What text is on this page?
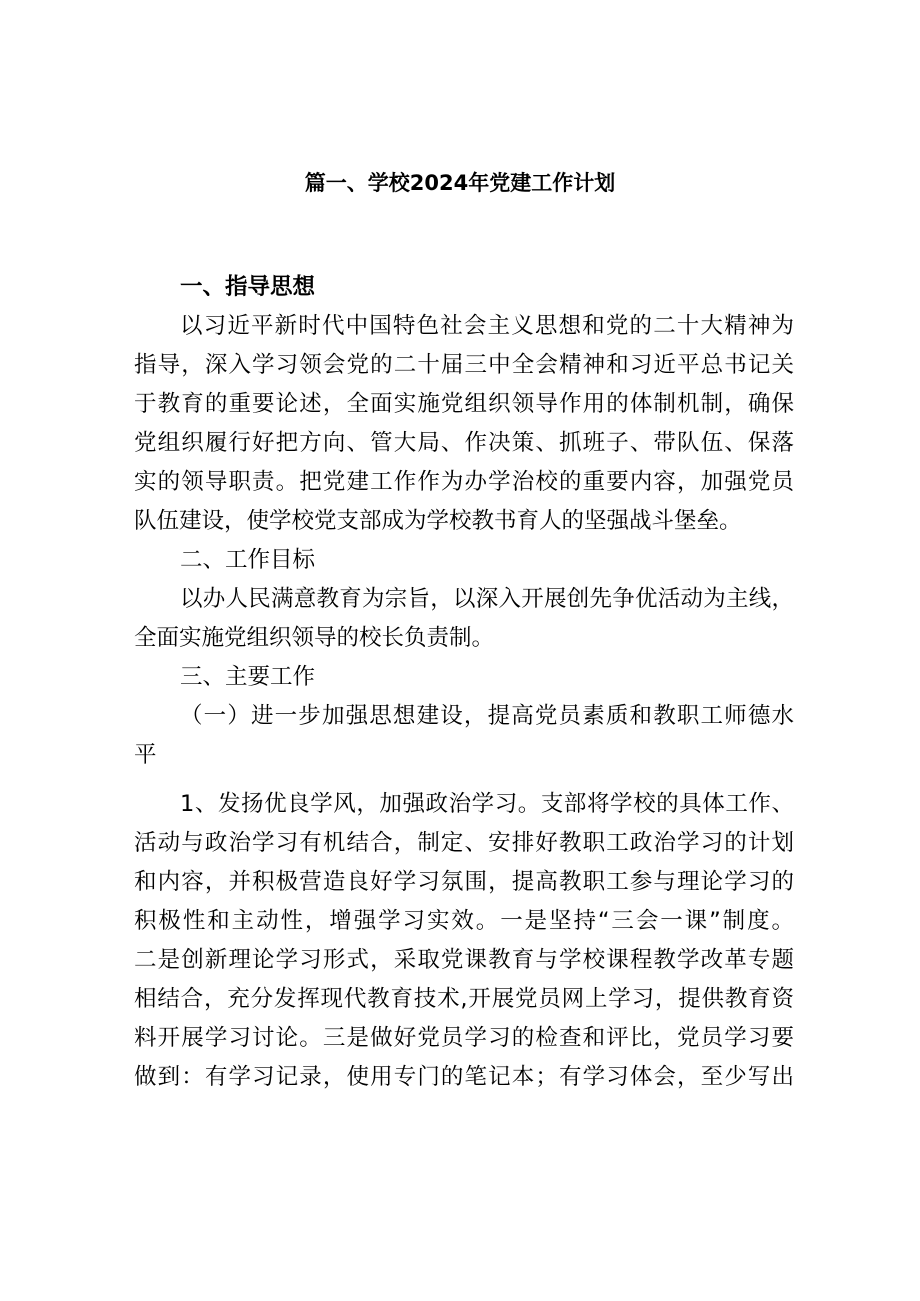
篇一、学校2024年党建工作计划
一、指导思想
以习近平新时代中国特色社会主义思想和党的二十大精神为
指导，深入学习领会党的二十届三中全会精神和习近平总书记关
于教育的重要论述，全面实施党组织领导作用的体制机制，确保
党组织履行好把方向、管大局、作决策、抓班子、带队伍、保落
实的领导职责。把党建工作作为办学治校的重要内容，加强党员
队伍建设，使学校党支部成为学校教书育人的坚强战斗堡垒。
二、工作目标
以办人民满意教育为宗旨，以深入开展创先争优活动为主线，
全面实施党组织领导的校长负责制。
三、主要工作
（一）进一步加强思想建设，提高党员素质和教职工师德水
平
1、发扬优良学风，加强政治学习。支部将学校的具体工作、
活动与政治学习有机结合，制定、安排好教职工政治学习的计划
和内容，并积极营造良好学习氛围，提高教职工参与理论学习的
积极性和主动性，增强学习实效。一是坚持“三会一课”制度。
二是创新理论学习形式，采取党课教育与学校课程教学改革专题
相结合，充分发挥现代教育技术,开展党员网上学习，提供教育资
料开展学习讨论。三是做好党员学习的检查和评比，党员学习要
做到：有学习记录，使用专门的笔记本；有学习体会，至少写出
